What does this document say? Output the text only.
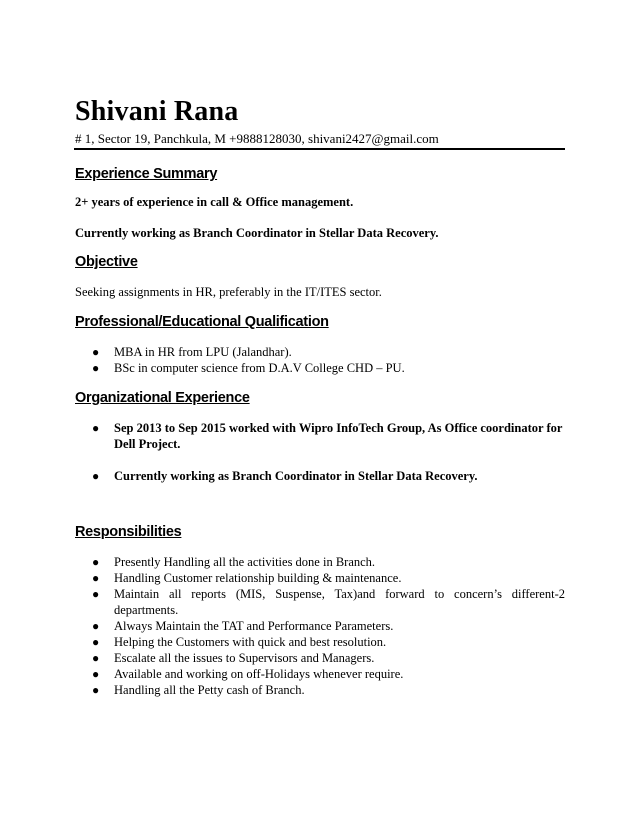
Shivani Rana
# 1, Sector 19, Panchkula, M +9888128030, shivani2427@gmail.com
Experience Summary
2+ years of experience in call & Office management.
Currently working as Branch Coordinator in Stellar Data Recovery.
Objective
Seeking assignments in HR, preferably in the IT/ITES sector.
Professional/Educational Qualification
● MBA in HR from LPU (Jalandhar).
● BSc in computer science from D.A.V College CHD – PU.
Organizational Experience
● Sep 2013 to Sep 2015 worked with Wipro InfoTech Group, As Office coordinator for Dell Project.
● Currently working as Branch Coordinator in Stellar Data Recovery.
Responsibilities
● Presently Handling all the activities done in Branch.
● Handling Customer relationship building & maintenance.
● Maintain all reports (MIS, Suspense, Tax)and forward to concern’s different-2 departments.
● Always Maintain the TAT and Performance Parameters.
● Helping the Customers with quick and best resolution.
● Escalate all the issues to Supervisors and Managers.
● Available and working on off-Holidays whenever require.
● Handling all the Petty cash of Branch.
